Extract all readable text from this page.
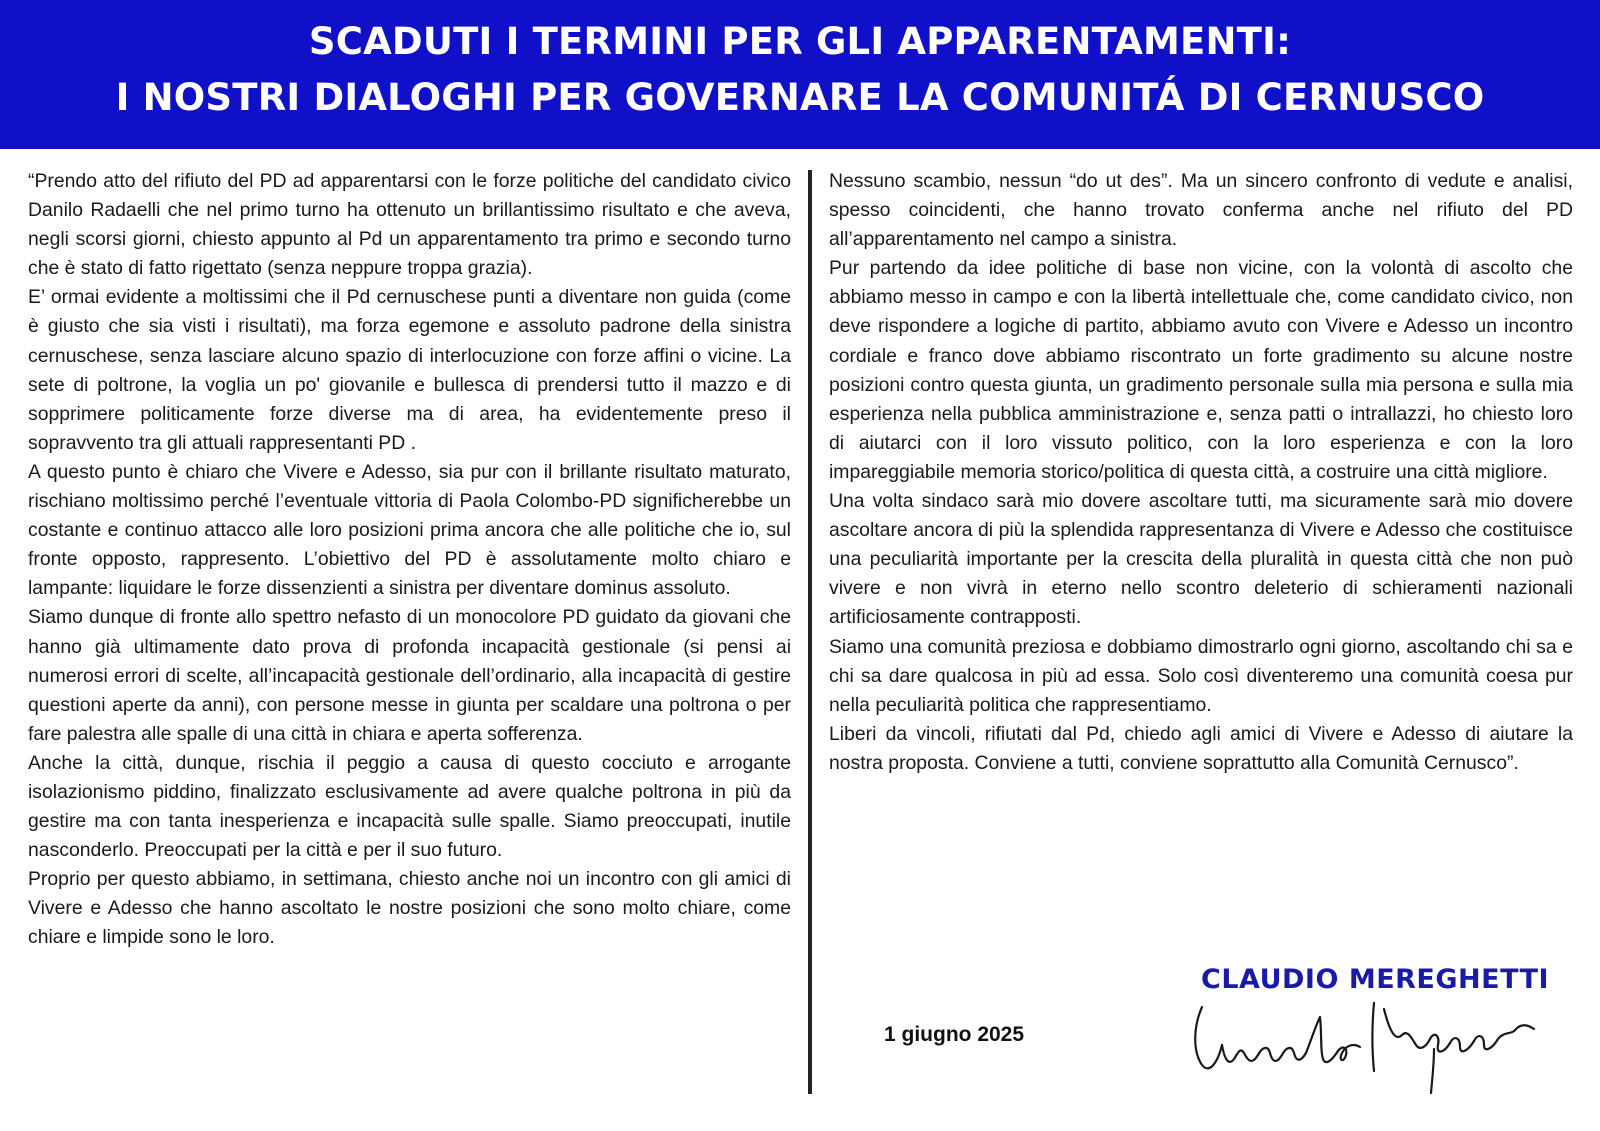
SCADUTI I TERMINI PER GLI APPARENTAMENTI:
I NOSTRI DIALOGHI PER GOVERNARE LA COMUNITÁ DI CERNUSCO

“Prendo atto del rifiuto del PD ad apparentarsi con le forze politiche del candidato civico Danilo Radaelli che nel primo turno ha ottenuto un brillantissimo risultato e che aveva, negli scorsi giorni, chiesto appunto al Pd un apparentamento tra primo e secondo turno che è stato di fatto rigettato (senza neppure troppa grazia).

E’ ormai evidente a moltissimi che il Pd cernuschese punti a diventare non guida (come è giusto che sia visti i risultati), ma forza egemone e assoluto padrone della sinistra cernuschese, senza lasciare alcuno spazio di interlocuzione con forze affini o vicine. La sete di poltrone, la voglia un po' giovanile e bullesca di prendersi tutto il mazzo e di sopprimere politicamente forze diverse ma di area, ha evidentemente preso il sopravvento tra gli attuali rappresentanti PD .

A questo punto è chiaro che Vivere e Adesso, sia pur con il brillante risultato maturato, rischiano moltissimo perché l’eventuale vittoria di Paola Colombo-PD significherebbe un costante e continuo attacco alle loro posizioni prima ancora che alle politiche che io, sul fronte opposto, rappresento. L’obiettivo del PD è assolutamente molto chiaro e lampante: liquidare le forze dissenzienti a sinistra per diventare dominus assoluto.

Siamo dunque di fronte allo spettro nefasto di un monocolore PD guidato da giovani che hanno già ultimamente dato prova di profonda incapacità gestionale (si pensi ai numerosi errori di scelte, all’incapacità gestionale dell’ordinario, alla incapacità di gestire questioni aperte da anni), con persone messe in giunta per scaldare una poltrona o per fare palestra alle spalle di una città in chiara e aperta sofferenza.

Anche la città, dunque, rischia il peggio a causa di questo cocciuto e arrogante isolazionismo piddino, finalizzato esclusivamente ad avere qualche poltrona in più da gestire ma con tanta inesperienza e incapacità sulle spalle. Siamo preoccupati, inutile nasconderlo. Preoccupati per la città e per il suo futuro.

Proprio per questo abbiamo, in settimana, chiesto anche noi un incontro con gli amici di Vivere e Adesso che hanno ascoltato le nostre posizioni che sono molto chiare, come chiare e limpide sono le loro.

Nessuno scambio, nessun “do ut des”. Ma un sincero confronto di vedute e analisi, spesso coincidenti, che hanno trovato conferma anche nel rifiuto del PD all’apparentamento nel campo a sinistra.

Pur partendo da idee politiche di base non vicine, con la volontà di ascolto che abbiamo messo in campo e con la libertà intellettuale che, come candidato civico, non deve rispondere a logiche di partito, abbiamo avuto con Vivere e Adesso un incontro cordiale e franco dove abbiamo riscontrato un forte gradimento su alcune nostre posizioni contro questa giunta, un gradimento personale sulla mia persona e sulla mia esperienza nella pubblica amministrazione e, senza patti o intrallazzi, ho chiesto loro di aiutarci con il loro vissuto politico, con la loro esperienza e con la loro impareggiabile memoria storico/politica di questa città, a costruire una città migliore.

Una volta sindaco sarà mio dovere ascoltare tutti, ma sicuramente sarà mio dovere ascoltare ancora di più la splendida rappresentanza di Vivere e Adesso che costituisce una peculiarità importante per la crescita della pluralità in questa città che non può vivere e non vivrà in eterno nello scontro deleterio di schieramenti nazionali artificiosamente contrapposti.

Siamo una comunità preziosa e dobbiamo dimostrarlo ogni giorno, ascoltando chi sa e chi sa dare qualcosa in più ad essa. Solo così diventeremo una comunità coesa pur nella peculiarità politica che rappresentiamo.

Liberi da vincoli, rifiutati dal Pd, chiedo agli amici di Vivere e Adesso di aiutare la nostra proposta. Conviene a tutti, conviene soprattutto alla Comunità Cernusco”.

1 giugno 2025
CLAUDIO MEREGHETTI
